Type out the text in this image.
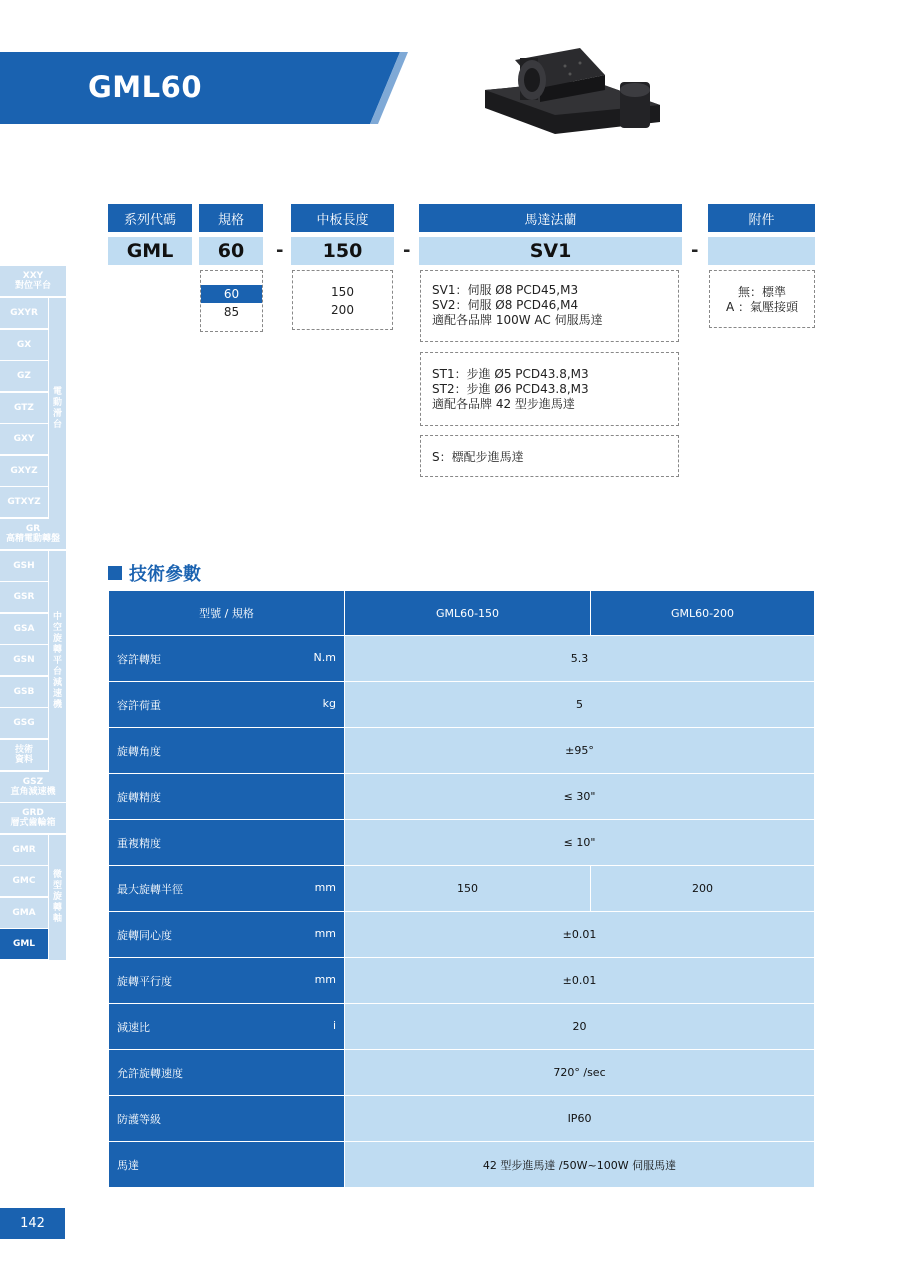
GML60
XXY
對位平台
GXYR
GX
GZ
GTZ
GXY
GXYZ
GTXYZ
電
動
滑
台
GR
高精電動轉盤
GSH
GSR
GSA
GSN
GSB
GSG
技術
資料
中
空
旋
轉
平
台
減
速
機
GSZ
直角減速機
GRD
層式齒輪箱
GMR
GMC
GMA
GML
微
型
旋
轉
軸
系列代碼	規格	中板長度	馬達法蘭	附件
GML	60	-	150	-	SV1	-
60
85
150
200
SV1：伺服 Ø8 PCD45,M3
SV2：伺服 Ø8 PCD46,M4
適配各品牌 100W AC 伺服馬達
ST1：步進 Ø5 PCD43.8,M3
ST2：步進 Ø6 PCD43.8,M3
適配各品牌 42 型步進馬達
S：標配步進馬達
無：標準
A ：氣壓接頭
技術參數
型號 / 規格	GML60-150	GML60-200
容許轉矩 N.m	5.3	
容許荷重 kg	5	
旋轉角度	±95°	
旋轉精度	≤ 30"	
重複精度	≤ 10"	
最大旋轉半徑 mm	150	200
旋轉同心度 mm	±0.01	
旋轉平行度 mm	±0.01	
減速比 i	20	
允許旋轉速度	720° /sec	
防護等級	IP60	
馬達	42 型步進馬達 /50W~100W 伺服馬達	
142
